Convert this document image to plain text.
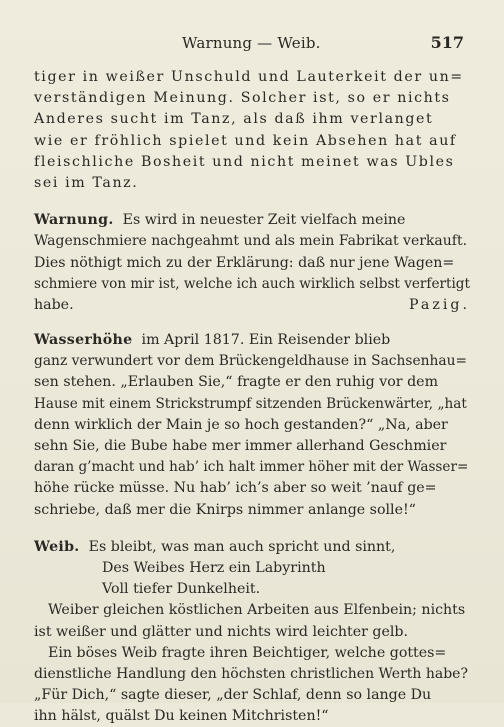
Warnung — Weib.	517
tiger in weißer Unschuld und Lauterkeit der un=
verständigen Meinung. Solcher ist, so er nichts
Anderes sucht im Tanz, als daß ihm verlanget
wie er fröhlich spielet und kein Absehen hat auf
fleischliche Bosheit und nicht meinet was Ubles
sei im Tanz.
Warnung. Es wird in neuester Zeit vielfach meine
Wagenschmiere nachgeahmt und als mein Fabrikat verkauft.
Dies nöthigt mich zu der Erklärung: daß nur jene Wagen=
schmiere von mir ist, welche ich auch wirklich selbst verfertigt
habe.	Pazig.
Wasserhöhe im April 1817. Ein Reisender blieb
ganz verwundert vor dem Brückengeldhause in Sachsenhau=
sen stehen. „Erlauben Sie,“ fragte er den ruhig vor dem
Hause mit einem Strickstrumpf sitzenden Brückenwärter, „hat
denn wirklich der Main je so hoch gestanden?“ „Na, aber
sehn Sie, die Bube habe mer immer allerhand Geschmier
daran g’macht und hab’ ich halt immer höher mit der Wasser=
höhe rücke müsse. Nu hab’ ich’s aber so weit ’nauf ge=
schriebe, daß mer die Knirps nimmer anlange solle!“
Weib. Es bleibt, was man auch spricht und sinnt,
Des Weibes Herz ein Labyrinth
Voll tiefer Dunkelheit.
Weiber gleichen köstlichen Arbeiten aus Elfenbein; nichts
ist weißer und glätter und nichts wird leichter gelb.
Ein böses Weib fragte ihren Beichtiger, welche gottes=
dienstliche Handlung den höchsten christlichen Werth habe?
„Für Dich,“ sagte dieser, „der Schlaf, denn so lange Du
ihn hälst, quälst Du keinen Mitchristen!“
